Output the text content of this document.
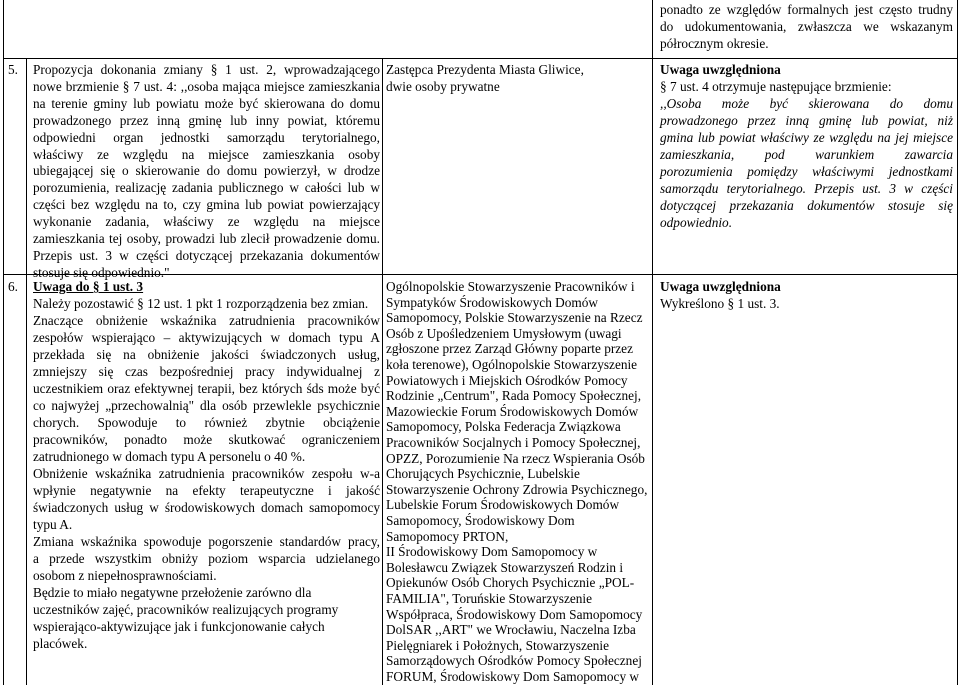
ponadto ze względów formalnych jest często trudny
do udokumentowania, zwłaszcza we wskazanym
półrocznym okresie.
5. Propozycja dokonania zmiany § 1 ust. 2, wprowadzającego
nowe brzmienie § 7 ust. 4: ,,osoba mająca miejsce zamieszkania
na terenie gminy lub powiatu może być skierowana do domu
prowadzonego przez inną gminę lub inny powiat, któremu
odpowiedni organ jednostki samorządu terytorialnego,
właściwy ze względu na miejsce zamieszkania osoby
ubiegającej się o skierowanie do domu powierzył, w drodze
porozumienia, realizację zadania publicznego w całości lub w
części bez względu na to, czy gmina lub powiat powierzający
wykonanie zadania, właściwy ze względu na miejsce
zamieszkania tej osoby, prowadzi lub zlecił prowadzenie domu.
Przepis ust. 3 w części dotyczącej przekazania dokumentów
stosuje się odpowiednio."
Zastępca Prezydenta Miasta Gliwice,
dwie osoby prywatne
Uwaga uwzględniona
§ 7 ust. 4 otrzymuje następujące brzmienie:
,,Osoba może być skierowana do domu
prowadzonego przez inną gminę lub powiat, niż
gmina lub powiat właściwy ze względu na jej miejsce
zamieszkania, pod warunkiem zawarcia
porozumienia pomiędzy właściwymi jednostkami
samorządu terytorialnego. Przepis ust. 3 w części
dotyczącej przekazania dokumentów stosuje się
odpowiednio.
6. Uwaga do § 1 ust. 3
Należy pozostawić § 12 ust. 1 pkt 1 rozporządzenia bez zmian.
Znaczące obniżenie wskaźnika zatrudnienia pracowników
zespołów wspierająco – aktywizujących w domach typu A
przekłada się na obniżenie jakości świadczonych usług,
zmniejszy się czas bezpośredniej pracy indywidualnej z
uczestnikiem oraz efektywnej terapii, bez których śds może być
co najwyżej „przechowalnią" dla osób przewlekle psychicznie
chorych. Spowoduje to również zbytnie obciążenie
pracowników, ponadto może skutkować ograniczeniem
zatrudnionego w domach typu A personelu o 40 %.
Obniżenie wskaźnika zatrudnienia pracowników zespołu w-a
wpłynie negatywnie na efekty terapeutyczne i jakość
świadczonych usług w środowiskowych domach samopomocy
typu A.
Zmiana wskaźnika spowoduje pogorszenie standardów pracy,
a przede wszystkim obniży poziom wsparcia udzielanego
osobom z niepełnosprawnościami.
Będzie to miało negatywne przełożenie zarówno dla
uczestników zajęć, pracowników realizujących programy
wspierająco-aktywizujące jak i funkcjonowanie całych
placówek.
Ogólnopolskie Stowarzyszenie Pracowników i
Sympatyków Środowiskowych Domów
Samopomocy, Polskie Stowarzyszenie na Rzecz
Osób z Upośledzeniem Umysłowym (uwagi
zgłoszone przez Zarząd Główny poparte przez
koła terenowe), Ogólnopolskie Stowarzyszenie
Powiatowych i Miejskich Ośrodków Pomocy
Rodzinie „Centrum", Rada Pomocy Społecznej,
Mazowieckie Forum Środowiskowych Domów
Samopomocy, Polska Federacja Związkowa
Pracowników Socjalnych i Pomocy Społecznej,
OPZZ, Porozumienie Na rzecz Wspierania Osób
Chorujących Psychicznie, Lubelskie
Stowarzyszenie Ochrony Zdrowia Psychicznego,
Lubelskie Forum Środowiskowych Domów
Samopomocy, Środowiskowy Dom
Samopomocy PRTON,
II Środowiskowy Dom Samopomocy w
Bolesławcu Związek Stowarzyszeń Rodzin i
Opiekunów Osób Chorych Psychicznie „POL-
FAMILIA", Toruńskie Stowarzyszenie
Współpraca, Środowiskowy Dom Samopomocy
DolSAR ,,ART" we Wrocławiu, Naczelna Izba
Pielęgniarek i Położnych, Stowarzyszenie
Samorządowych Ośrodków Pomocy Społecznej
FORUM, Środowiskowy Dom Samopomocy w
Uwaga uwzględniona
Wykreślono § 1 ust. 3.
